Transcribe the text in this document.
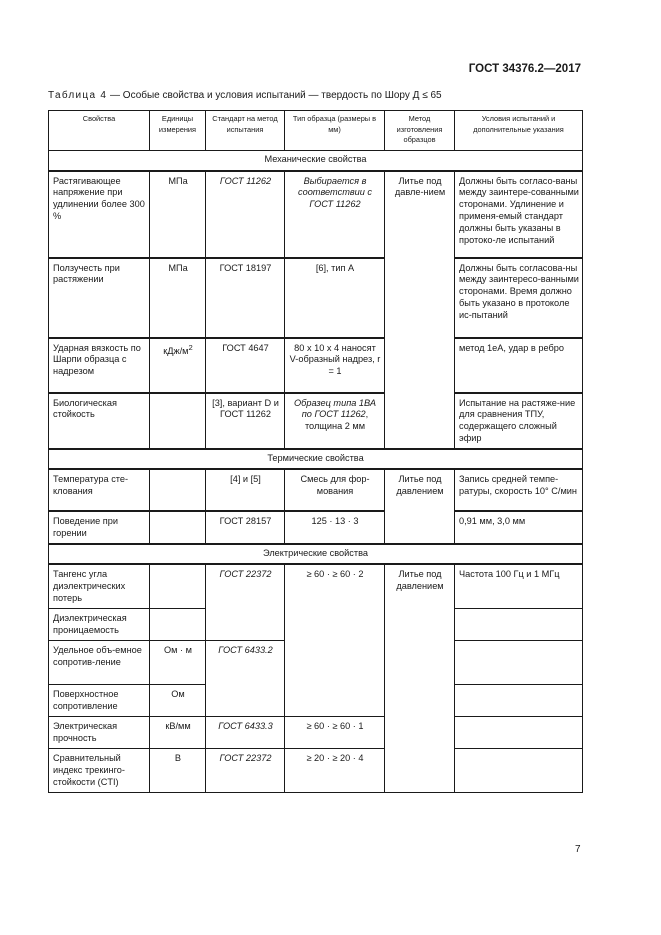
ГОСТ 34376.2—2017
Таблица 4 — Особые свойства и условия испытаний — твердость по Шору Д ≤ 65
Свойства	Единицы измерения	Стандарт на метод испытания	Тип образца (размеры в мм)	Метод изготовления образцов	Условия испытаний и дополнительные указания
Механические свойства					
Растягивающее напряжение при удлинении более 300 %	МПа	ГОСТ 11262	Выбирается в соответствии с ГОСТ 11262	Литье под давле-нием	Должны быть согласо-ваны между заинтере-сованными сторонами. Удлинение и применя-емый стандарт должны быть указаны в протоко-ле испытаний
Ползучесть при растяжении	МПа	ГОСТ 18197	[6], тип А		Должны быть согласова-ны между заинтересо-ванными сторонами. Время должно быть указано в протоколе ис-пытаний
Ударная вязкость по Шарпи образца с надрезом	кДж/$м^2$	ГОСТ 4647	80 х 10 х 4 наносят V-образный надрез, r = 1		метод 1еА, удар в ребро
Биологическая стойкость		[3], вариант D и ГОСТ 11262	Образец типа 1ВА по ГОСТ 11262, толщина 2 мм		Испытание на растяже-ние для сравнения ТПУ, содержащего сложный эфир
Термические свойства					
Температура сте-клования		[4] и [5]	Смесь для фор-мования	Литье под давлением	Запись средней темпе-ратуры, скорость 10° С/мин
Поведение при горении		ГОСТ 28157	125 · 13 · 3		0,91 мм, 3,0 мм
Электрические свойства					
Тангенс угла диэлектрических потерь		ГОСТ 22372	≥ 60 · ≥ 60 · 2	Литье под давлением	Частота 100 Гц и 1 МГц
Диэлектрическая проницаемость					
Удельное объ-емное сопротив-ление	Ом · м	ГОСТ 6433.2			
Поверхностное сопротивление	Ом				
Электрическая прочность	кВ/мм	ГОСТ 6433.3	≥ 60 · ≥ 60 · 1		
Сравнительный индекс трекинго-стойкости (CTI)	В	ГОСТ 22372	≥ 20 · ≥ 20 · 4		
7
